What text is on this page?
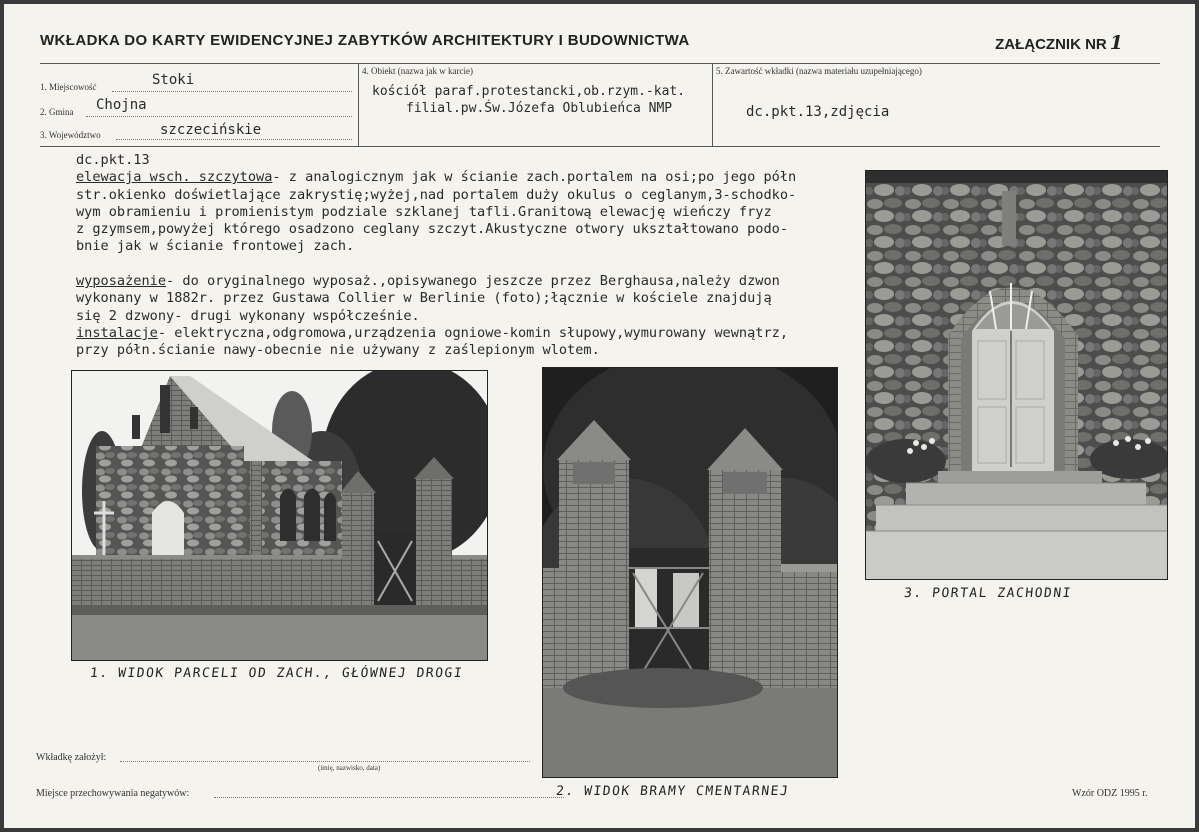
WKŁADKA DO KARTY EWIDENCYJNEJ ZABYTKÓW ARCHITEKTURY I BUDOWNICTWA	ZAŁĄCZNIK NR 1
1. Miejscowość	Stoki
2. Gmina Chojna
3. Województwo	szczecińskie
4. Obiekt (nazwa jak w karcie)
kościół paraf.protestancki,ob.rzym.-kat.
filial.pw.Św.Józefa Oblubieńca NMP
5. Zawartość wkładki (nazwa materiału uzupełniającego)
dc.pkt.13,zdjęcia
dc.pkt.13
elewacja wsch. szczytowa- z analogicznym jak w ścianie zach.portalem na osi;po jego półn
str.okienko doświetlające zakrystię;wyżej,nad portalem duży okulus o ceglanym,3-schodko-
wym obramieniu i promienistym podziale szklanej tafli.Granitową elewację wieńczy fryz
z gzymsem,powyżej którego osadzono ceglany szczyt.Akustyczne otwory ukształtowano podo-
bnie jak w ścianie frontowej zach.

wyposażenie- do oryginalnego wyposaż.,opisywanego jeszcze przez Berghausa,należy dzwon
wykonany w 1882r. przez Gustawa Collier w Berlinie (foto);łącznie w kościele znajdują
się 2 dzwony- drugi wykonany współcześnie.
instalacje- elektryczna,odgromowa,urządzenia ogniowe-komin słupowy,wymurowany wewnątrz,
przy półn.ścianie nawy-obecnie nie używany z zaślepionym wlotem.
3. PORTAL ZACHODNI
1. WIDOK PARCELI OD ZACH., GŁÓWNEJ DROGI
2. WIDOK BRAMY CMENTARNEJ
Wkładkę założył:
(imię, nazwisko, data)
Miejsce przechowywania negatywów:	Wzór ODZ 1995 r.
